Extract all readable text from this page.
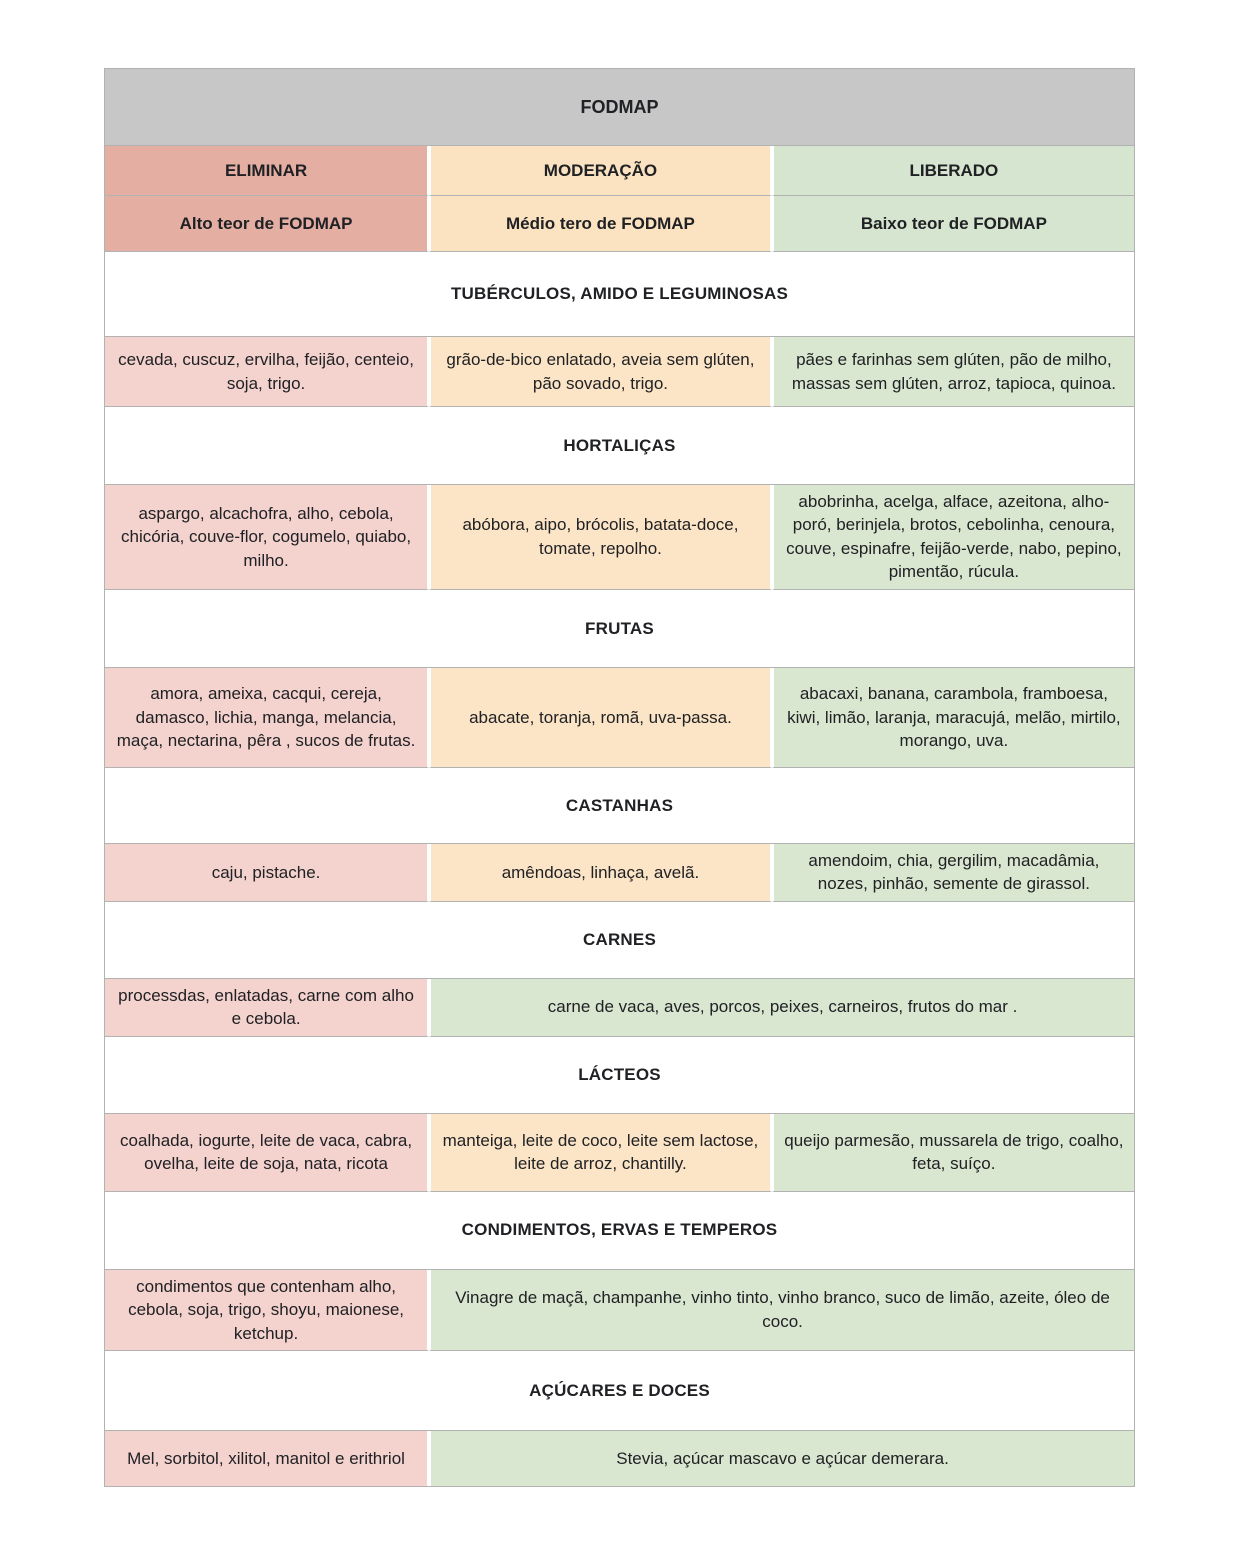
FODMAP		
ELIMINAR	MODERAÇÃO	LIBERADO
Alto teor de FODMAP	Médio tero de FODMAP	Baixo teor de FODMAP
TUBÉRCULOS, AMIDO E LEGUMINOSAS		
cevada, cuscuz, ervilha, feijão, centeio, soja, trigo.	grão-de-bico enlatado, aveia sem glúten, pão sovado, trigo.	pães e farinhas sem glúten, pão de milho, massas sem glúten, arroz, tapioca, quinoa.
HORTALIÇAS		
aspargo, alcachofra, alho, cebola, chicória, couve-flor, cogumelo, quiabo, milho.	abóbora, aipo, brócolis, batata-doce, tomate, repolho.	abobrinha, acelga, alface, azeitona, alho-poró, berinjela, brotos, cebolinha, cenoura, couve, espinafre, feijão-verde, nabo, pepino, pimentão, rúcula.
FRUTAS		
amora, ameixa, cacqui, cereja, damasco, lichia, manga, melancia, maça, nectarina, pêra , sucos de frutas.	abacate, toranja, romã, uva-passa.	abacaxi, banana, carambola, framboesa, kiwi, limão, laranja, maracujá, melão, mirtilo, morango, uva.
CASTANHAS		
caju, pistache.	amêndoas, linhaça, avelã.	amendoim, chia, gergilim, macadâmia, nozes, pinhão, semente de girassol.
CARNES		
processdas, enlatadas, carne com alho e cebola.	carne de vaca, aves, porcos, peixes, carneiros, frutos do mar .	
LÁCTEOS		
coalhada, iogurte, leite de vaca, cabra, ovelha, leite de soja, nata, ricota	manteiga, leite de coco, leite sem lactose, leite de arroz, chantilly.	queijo parmesão, mussarela de trigo, coalho, feta, suíço.
CONDIMENTOS, ERVAS E TEMPEROS		
condimentos que contenham alho, cebola, soja, trigo, shoyu, maionese, ketchup.	Vinagre de maçã, champanhe, vinho tinto, vinho branco, suco de limão, azeite, óleo de coco.	
AÇÚCARES E DOCES		
Mel, sorbitol, xilitol, manitol e erithriol	Stevia, açúcar mascavo e açúcar demerara.	
